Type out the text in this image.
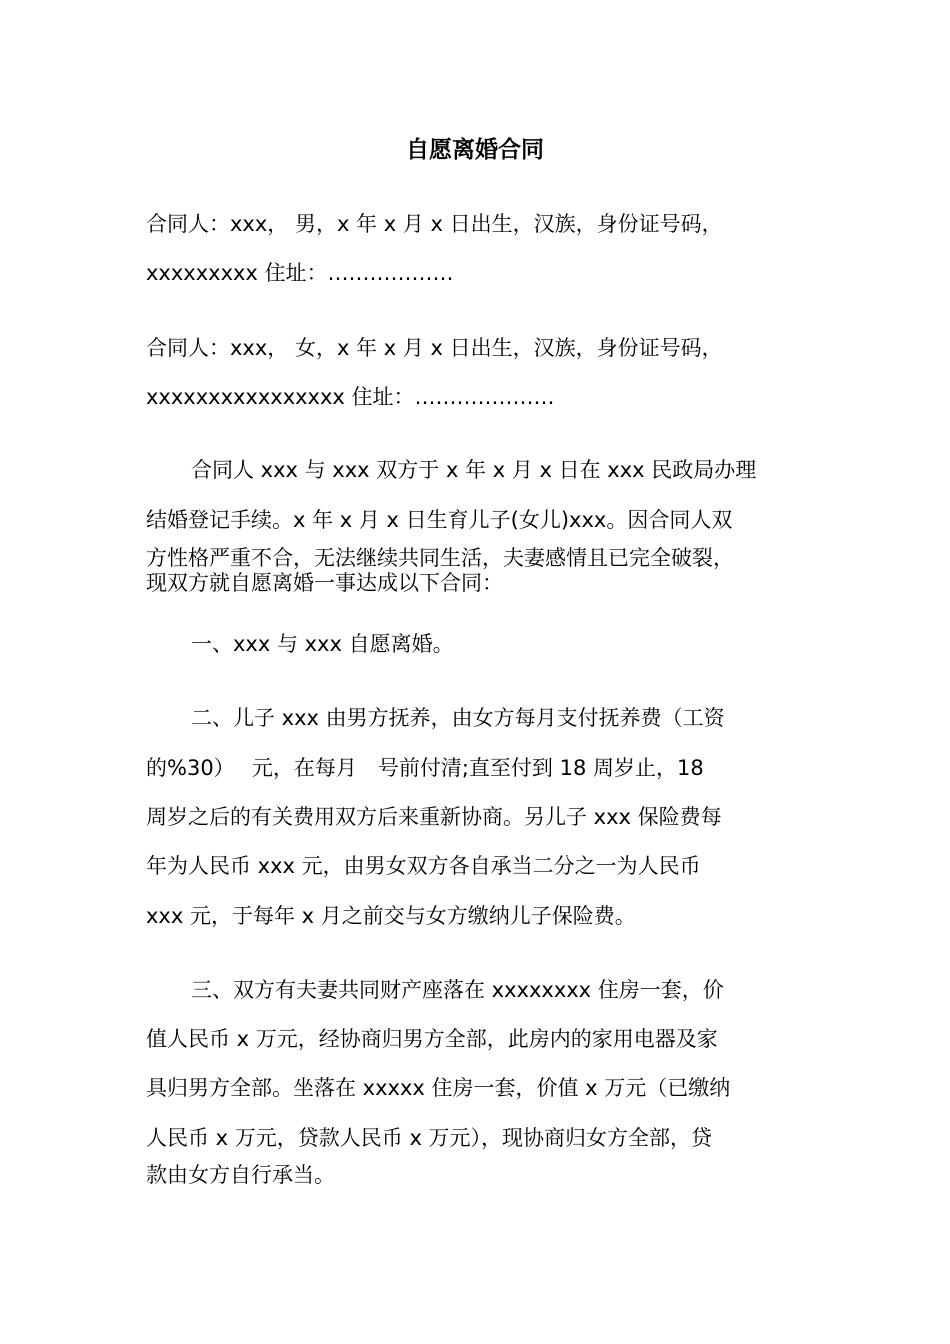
自愿离婚合同

合同人：xxx， 男，x 年 x 月 x 日出生，汉族，身份证号码，

xxxxxxxxx 住址：………………

合同人：xxx， 女，x 年 x 月 x 日出生，汉族，身份证号码，

xxxxxxxxxxxxxxxx 住址：………………‥

合同人 xxx 与 xxx 双方于 x 年 x 月 x 日在 xxx 民政局办理

结婚登记手续。x 年 x 月 x 日生育儿子(女儿)xxx。因合同人双

方性格严重不合，无法继续共同生活，夫妻感情且已完全破裂，

现双方就自愿离婚一事达成以下合同：

一、xxx 与 xxx 自愿离婚。

二、儿子 xxx 由男方抚养，由女方每月支付抚养费（工资

的%30）　 元，在每月　号前付清;直至付到 18 周岁止，18

周岁之后的有关费用双方后来重新协商。另儿子 xxx 保险费每

年为人民币 xxx 元，由男女双方各自承当二分之一为人民币

xxx 元，于每年 x 月之前交与女方缴纳儿子保险费。

三、双方有夫妻共同财产座落在 xxxxxxxx 住房一套，价

值人民币 x 万元，经协商归男方全部，此房内的家用电器及家

具归男方全部。坐落在 xxxxx 住房一套，价值 x 万元（已缴纳

人民币 x 万元，贷款人民币 x 万元），现协商归女方全部，贷

款由女方自行承当。
